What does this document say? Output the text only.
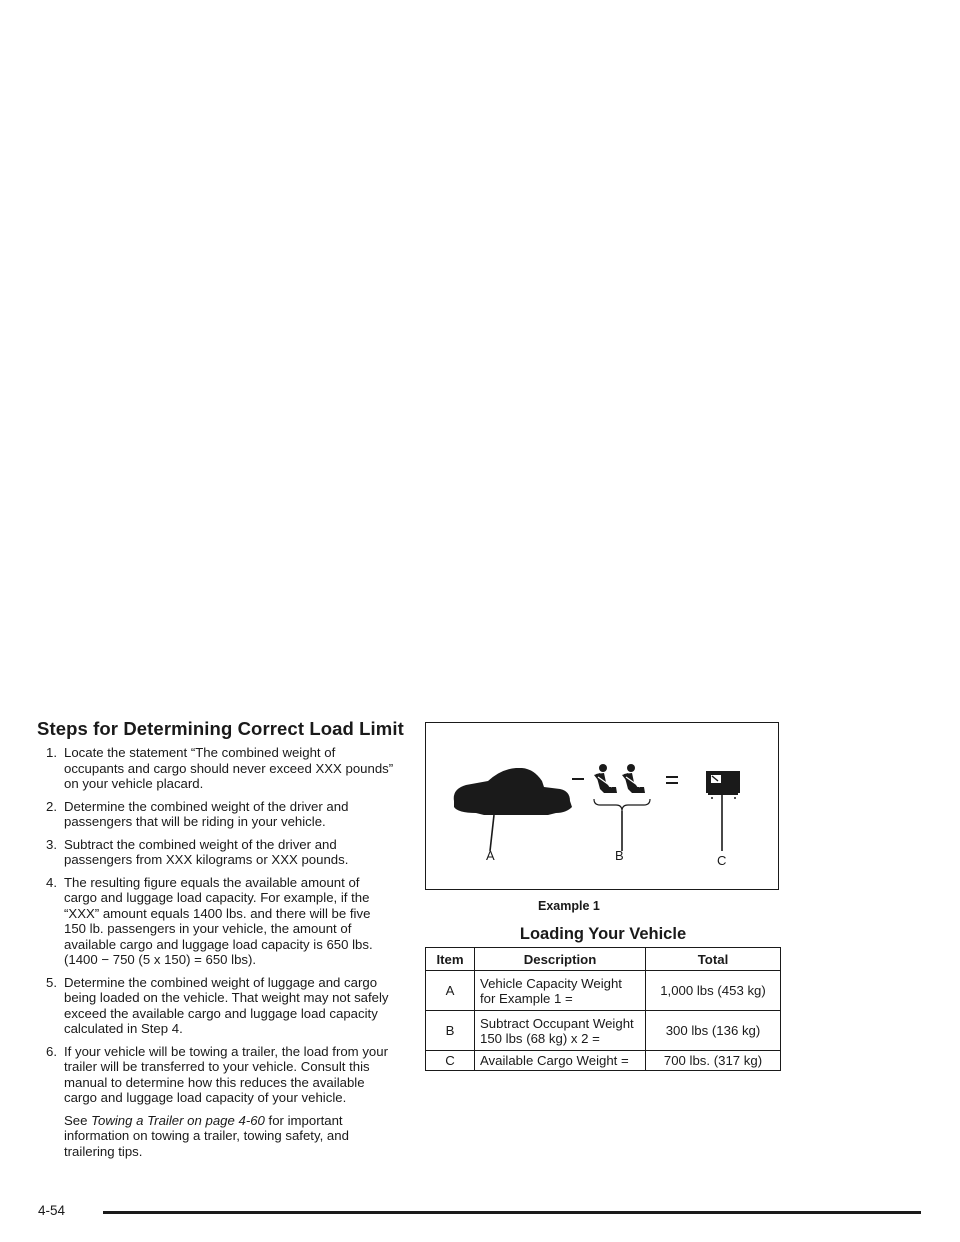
Steps for Determining Correct Load Limit
1. Locate the statement “The combined weight of occupants and cargo should never exceed XXX pounds” on your vehicle placard.
2. Determine the combined weight of the driver and passengers that will be riding in your vehicle.
3. Subtract the combined weight of the driver and passengers from XXX kilograms or XXX pounds.
4. The resulting figure equals the available amount of cargo and luggage load capacity. For example, if the “XXX” amount equals 1400 lbs. and there will be five 150 lb. passengers in your vehicle, the amount of available cargo and luggage load capacity is 650 lbs. (1400 − 750 (5 x 150) = 650 lbs).
5. Determine the combined weight of luggage and cargo being loaded on the vehicle. That weight may not safely exceed the available cargo and luggage load capacity calculated in Step 4.
6. If your vehicle will be towing a trailer, the load from your trailer will be transferred to your vehicle. Consult this manual to determine how this reduces the available cargo and luggage load capacity of your vehicle.
See Towing a Trailer on page 4-60 for important information on towing a trailer, towing safety, and trailering tips.
A	B	C
Example 1
Loading Your Vehicle
Item	Description	Total
A	Vehicle Capacity Weight for Example 1 =	1,000 lbs (453 kg)
B	Subtract Occupant Weight 150 lbs (68 kg) x 2 =	300 lbs (136 kg)
C	Available Cargo Weight =	700 lbs. (317 kg)
4-54
